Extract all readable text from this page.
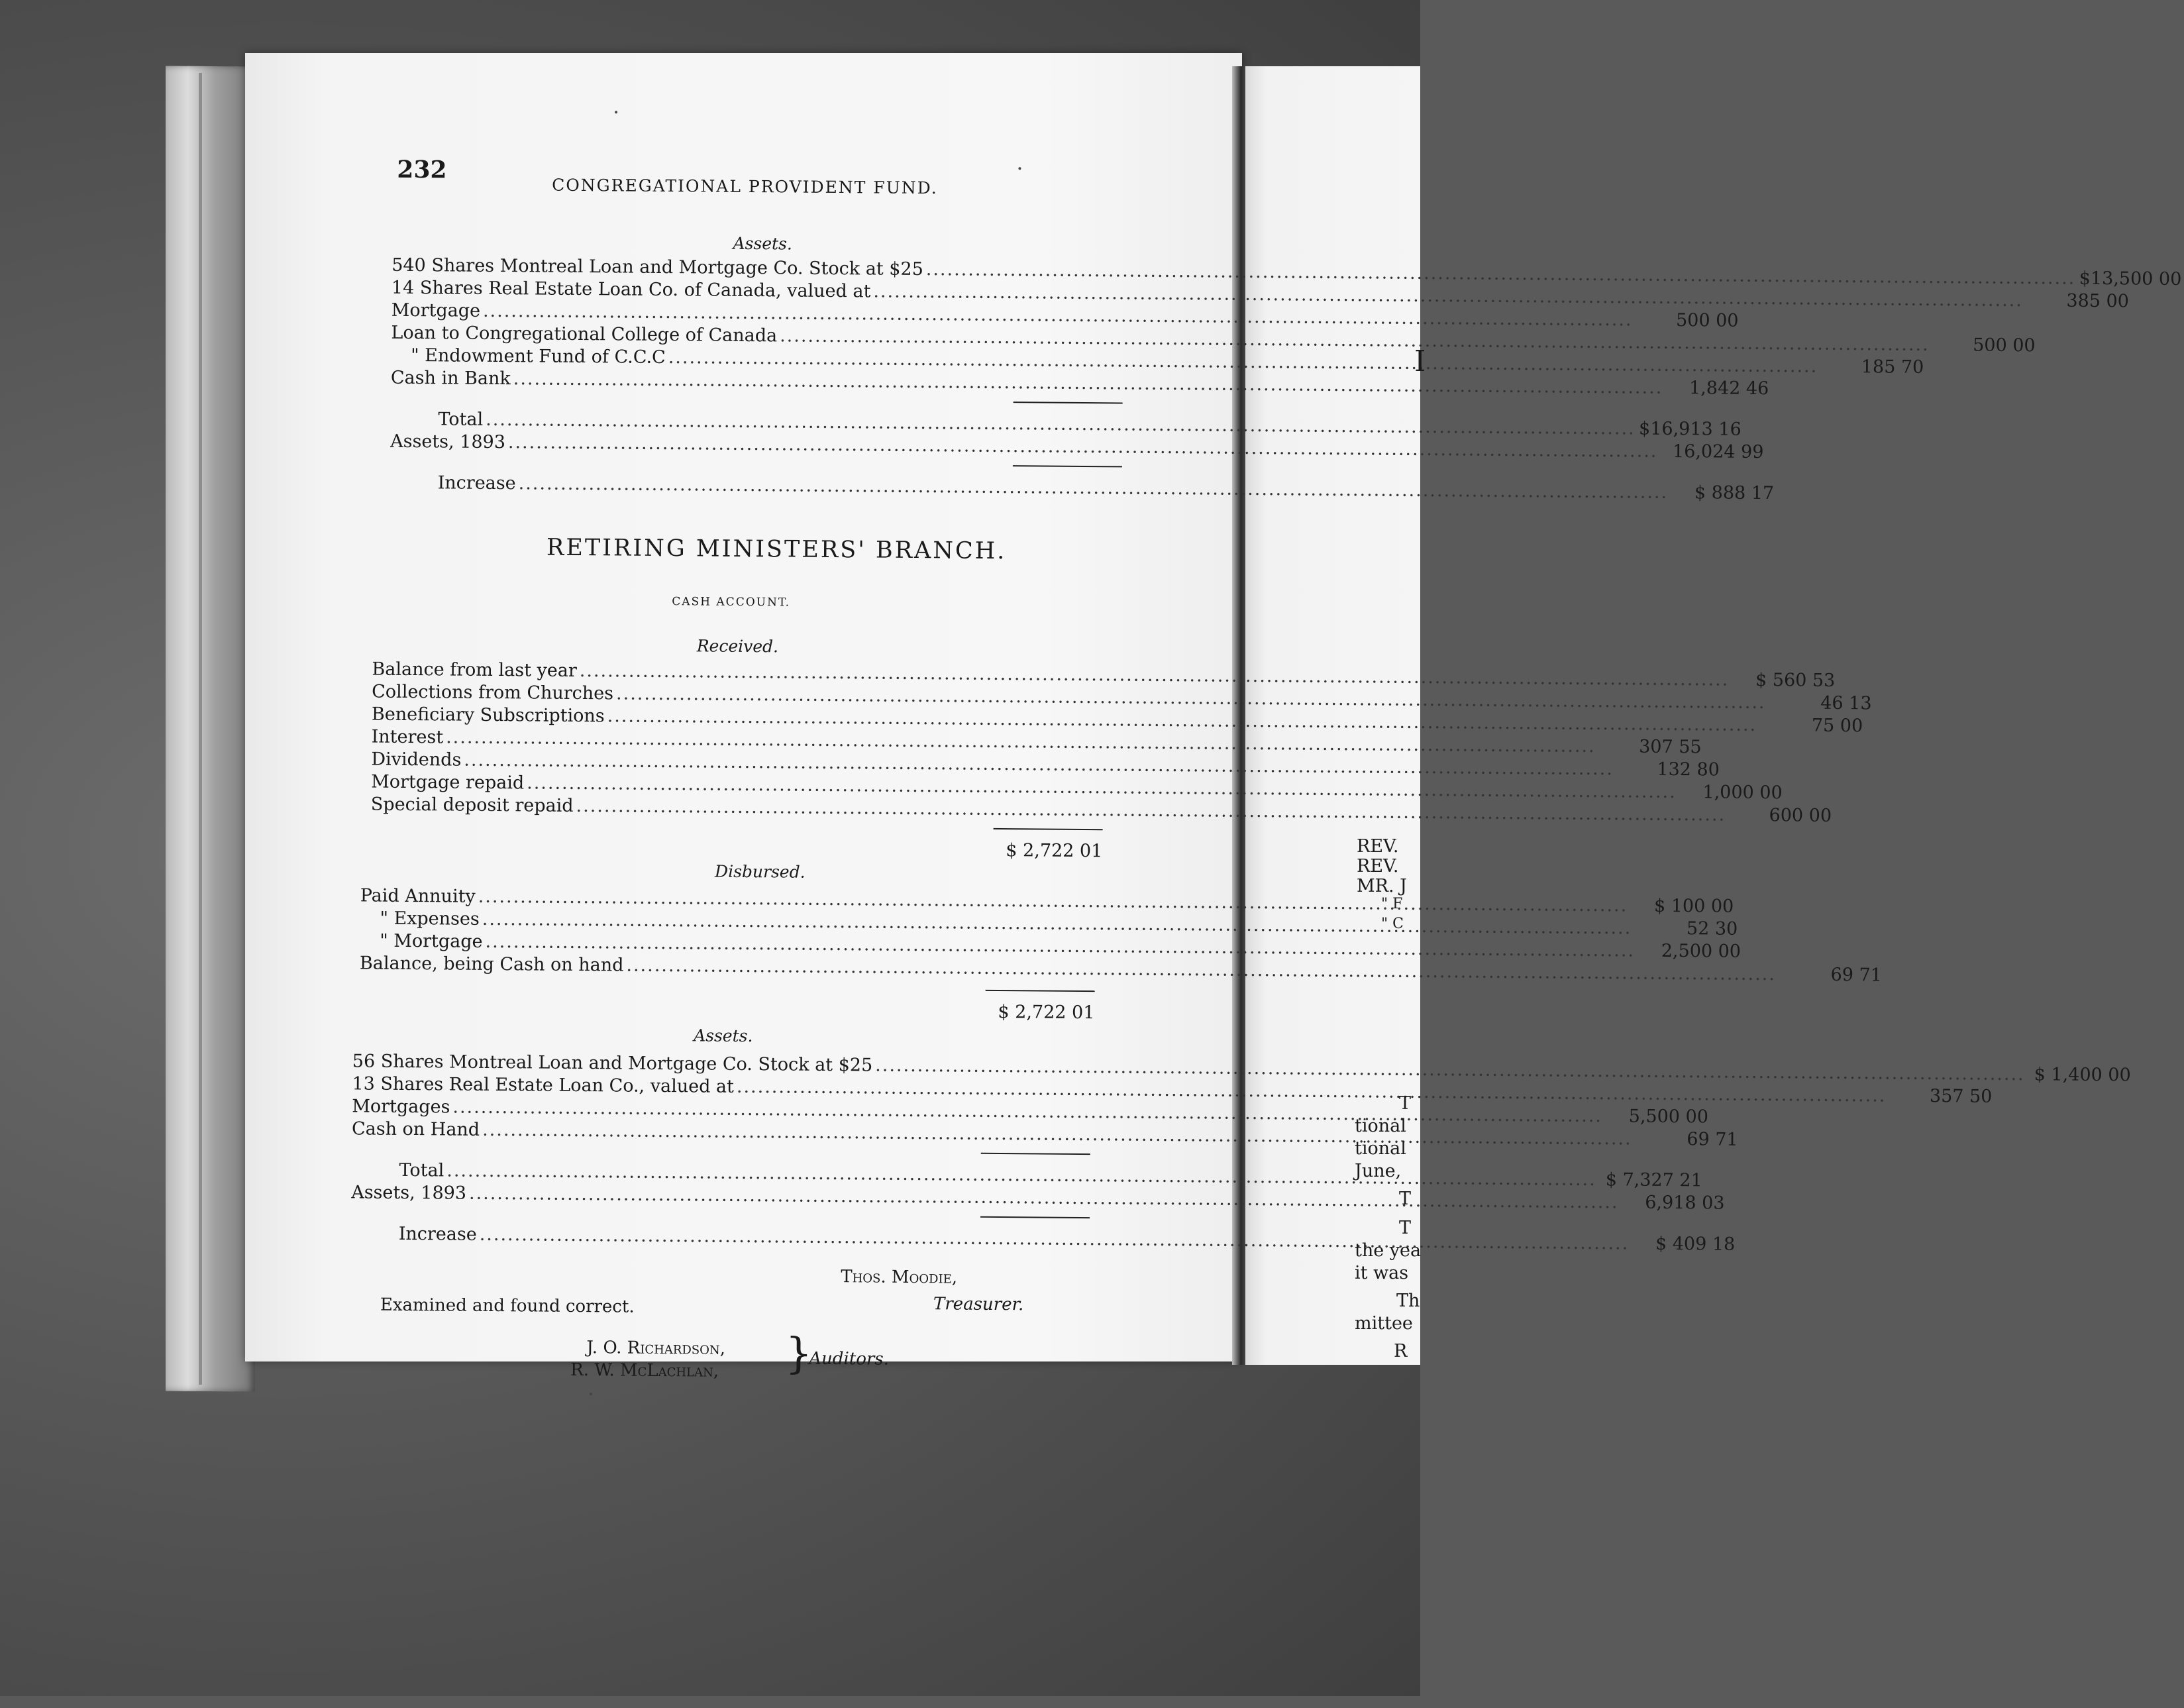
232
CONGREGATIONAL PROVIDENT FUND.
Assets.
540 Shares Montreal Loan and Mortgage Co. Stock at $25 .....	$13,500 00
14 Shares Real Estate Loan Co. of Canada, valued at .....	385 00
Mortgage .....	500 00
Loan to Congregational College of Canada .....	500 00
" Endowment Fund of C.C.C .....	185 70
Cash in Bank .....	1,842 46
Total .....	$16,913 16
Assets, 1893 .....	16,024 99
Increase .....	$ 888 17
RETIRING MINISTERS' BRANCH.
CASH ACCOUNT.
Received.
Balance from last year .....	$ 560 53
Collections from Churches .....	46 13
Beneficiary Subscriptions .....	75 00
Interest .....	307 55
Dividends .....	132 80
Mortgage repaid .....	1,000 00
Special deposit repaid .....	600 00
$ 2,722 01
Disbursed.
Paid Annuity .....	$ 100 00
" Expenses .....	52 30
" Mortgage .....	2,500 00
Balance, being Cash on hand .....	69 71
$ 2,722 01
Assets.
56 Shares Montreal Loan and Mortgage Co. Stock at $25 .....	$ 1,400 00
13 Shares Real Estate Loan Co., valued at .....	357 50
Mortgages .....	5,500 00
Cash on Hand .....	69 71
Total .....	$ 7,327 21
Assets, 1893 .....	6,918 03
Increase .....	$ 409 18
Thos. Moodie,
Examined and found correct.	Treasurer.
J. O. Richardson,
R. W. McLachlan, }
Auditors.
I
REV.
REV.
MR. J
" F
" C
T
tional
tional
June,
T
T
the yea
it was
Th
mittee
R
